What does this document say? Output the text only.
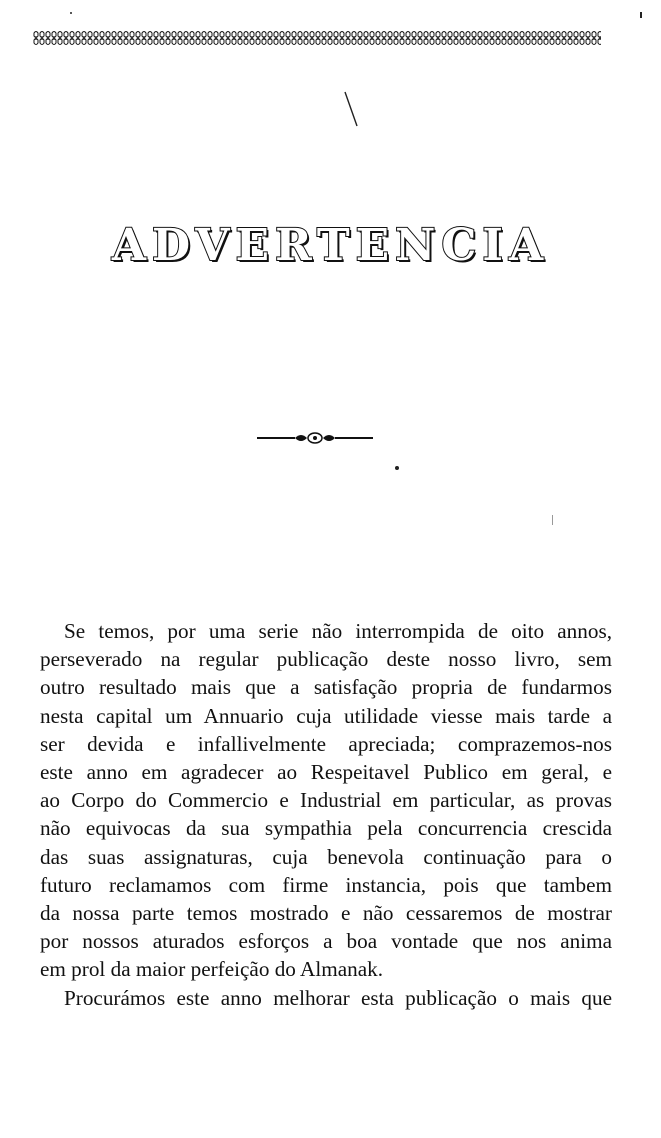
ADVERTENCIA
Se temos, por uma serie não interrompida de oito annos,
perseverado na regular publicação deste nosso livro, sem
outro resultado mais que a satisfação propria de fundarmos
nesta capital um Annuario cuja utilidade viesse mais tarde a
ser devida e infallivelmente apreciada; comprazemos-nos
este anno em agradecer ao Respeitavel Publico em geral, e
ao Corpo do Commercio e Industrial em particular, as provas
não equivocas da sua sympathia pela concurrencia crescida
das suas assignaturas, cuja benevola continuação para o
futuro reclamamos com firme instancia, pois que tambem
da nossa parte temos mostrado e não cessaremos de mostrar
por nossos aturados esforços a boa vontade que nos anima
em prol da maior perfeição do Almanak.
Procurámos este anno melhorar esta publicação o mais que
